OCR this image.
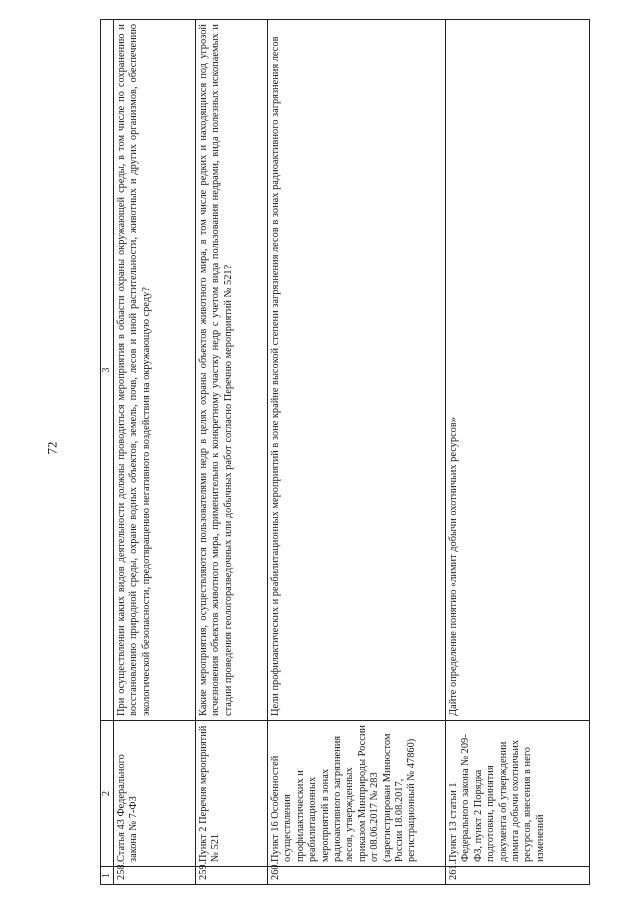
72
1	2	3
258.	Статья 43 Федерального закона № 7-ФЗ	При осуществлении каких видов деятельности должны проводиться мероприятия в области охраны окружающей среды, в том числе по сохранению и восстановлению природной среды, охране водных объектов, земель, почв, лесов и иной растительности, животных и других организмов, обеспечению экологической безопасности, предотвращению негативного воздействия на окружающую среду?
259.	Пункт 2 Перечня мероприятий № 521	Какие мероприятия, осуществляются пользователями недр в целях охраны объектов животного мира, в том числе редких и находящихся под угрозой исчезновения объектов животного мира, применительно к конкретному участку недр с учетом вида пользования недрами, вида полезных ископаемых и стадии проведения геологоразведочных или добычных работ согласно Перечню мероприятий № 521?
260.	Пункт 16 Особенностей осуществления профилактических и реабилитационных мероприятий в зонах радиоактивного загрязнения лесов, утвержденных приказом Минприроды России от 08.06.2017 № 283 (зарегистрирован Минюстом России 18.08.2017, регистрационный № 47860)	Цели профилактических и реабилитационных мероприятий в зоне крайне высокой степени загрязнения лесов в зонах радиоактивного загрязнения лесов
261.	Пункт 13 статьи 1 Федерального закона № 209-ФЗ, пункт 2 Порядка подготовки, принятия документа об утверждении лимита добычи охотничьих ресурсов, внесения в него изменений	Дайте определение понятию «лимит добычи охотничьих ресурсов»
